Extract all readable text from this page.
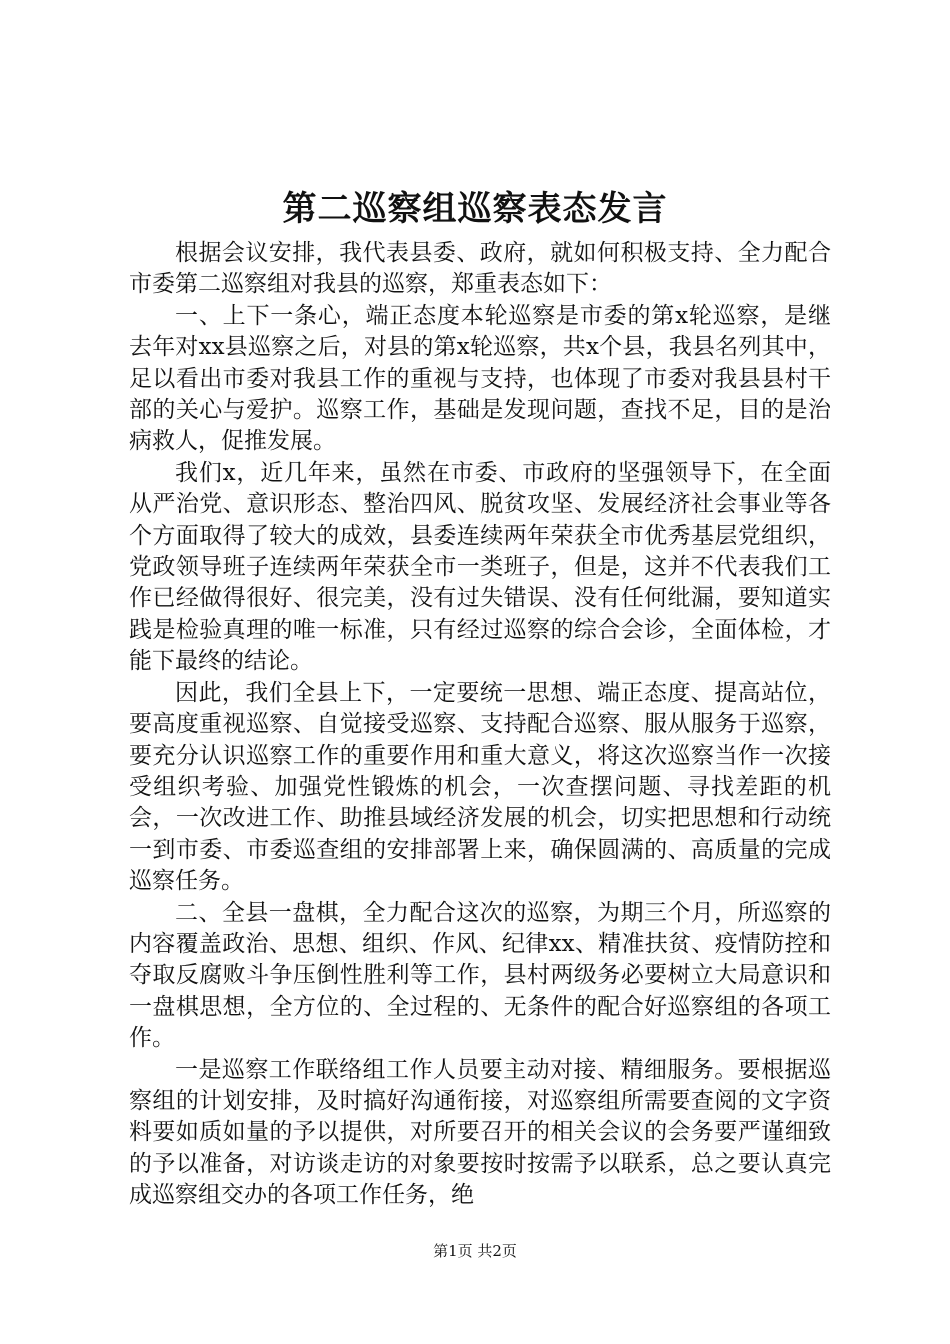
第二巡察组巡察表态发言

根据会议安排，我代表县委、政府，就如何积极支持、全力配合市委第二巡察组对我县的巡察，郑重表态如下：

一、上下一条心，端正态度本轮巡察是市委的第x轮巡察，是继去年对xx县巡察之后，对县的第x轮巡察，共x个县，我县名列其中，足以看出市委对我县工作的重视与支持，也体现了市委对我县县村干部的关心与爱护。巡察工作，基础是发现问题，查找不足，目的是治病救人，促推发展。

我们x，近几年来，虽然在市委、市政府的坚强领导下，在全面从严治党、意识形态、整治四风、脱贫攻坚、发展经济社会事业等各个方面取得了较大的成效，县委连续两年荣获全市优秀基层党组织，党政领导班子连续两年荣获全市一类班子，但是，这并不代表我们工作已经做得很好、很完美，没有过失错误、没有任何纰漏，要知道实践是检验真理的唯一标准，只有经过巡察的综合会诊，全面体检，才能下最终的结论。

因此，我们全县上下，一定要统一思想、端正态度、提高站位，要高度重视巡察、自觉接受巡察、支持配合巡察、服从服务于巡察，要充分认识巡察工作的重要作用和重大意义，将这次巡察当作一次接受组织考验、加强党性锻炼的机会，一次查摆问题、寻找差距的机会，一次改进工作、助推县域经济发展的机会，切实把思想和行动统一到市委、市委巡查组的安排部署上来，确保圆满的、高质量的完成巡察任务。

二、全县一盘棋，全力配合这次的巡察，为期三个月，所巡察的内容覆盖政治、思想、组织、作风、纪律xx、精准扶贫、疫情防控和夺取反腐败斗争压倒性胜利等工作，县村两级务必要树立大局意识和一盘棋思想，全方位的、全过程的、无条件的配合好巡察组的各项工作。

一是巡察工作联络组工作人员要主动对接、精细服务。要根据巡察组的计划安排，及时搞好沟通衔接，对巡察组所需要查阅的文字资料要如质如量的予以提供，对所要召开的相关会议的会务要严谨细致的予以准备，对访谈走访的对象要按时按需予以联系，总之要认真完成巡察组交办的各项工作任务，绝

第1页 共2页
